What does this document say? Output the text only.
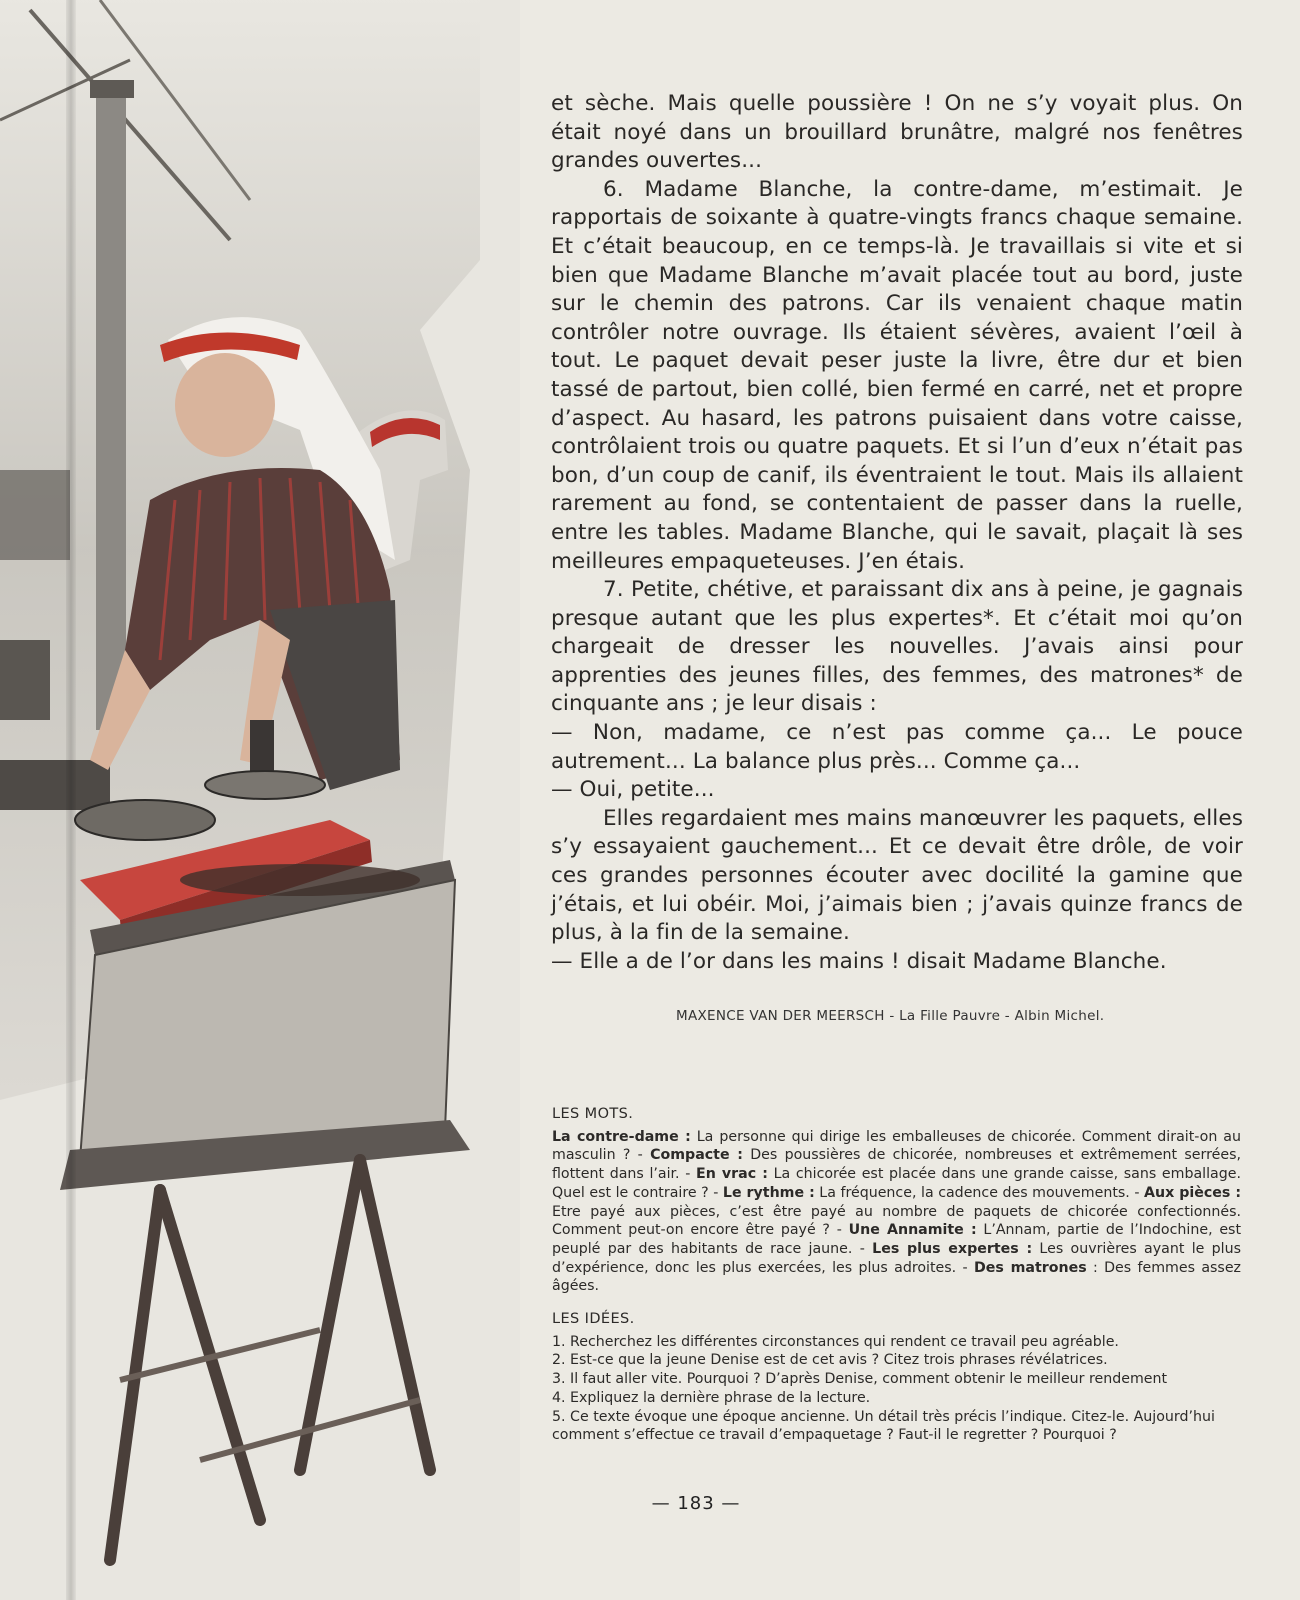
et sèche. Mais quelle poussière ! On ne s’y voyait plus. On était noyé dans un brouillard brunâtre, malgré nos fenêtres grandes ouvertes...

6. Madame Blanche, la contre-dame, m’estimait. Je rapportais de soixante à quatre-vingts francs chaque semaine. Et c’était beaucoup, en ce temps-là. Je travaillais si vite et si bien que Madame Blanche m’avait placée tout au bord, juste sur le chemin des patrons. Car ils venaient chaque matin contrôler notre ouvrage. Ils étaient sévères, avaient l’œil à tout. Le paquet devait peser juste la livre, être dur et bien tassé de partout, bien collé, bien fermé en carré, net et propre d’aspect. Au hasard, les patrons puisaient dans votre caisse, contrôlaient trois ou quatre paquets. Et si l’un d’eux n’était pas bon, d’un coup de canif, ils éventraient le tout. Mais ils allaient rarement au fond, se contentaient de passer dans la ruelle, entre les tables. Madame Blanche, qui le savait, plaçait là ses meilleures empaqueteuses. J’en étais.

7. Petite, chétive, et paraissant dix ans à peine, je gagnais presque autant que les plus expertes*. Et c’était moi qu’on chargeait de dresser les nouvelles. J’avais ainsi pour apprenties des jeunes filles, des femmes, des matrones* de cinquante ans ; je leur disais :

— Non, madame, ce n’est pas comme ça... Le pouce autrement... La balance plus près... Comme ça...

— Oui, petite...

Elles regardaient mes mains manœuvrer les paquets, elles s’y essayaient gauchement... Et ce devait être drôle, de voir ces grandes personnes écouter avec docilité la gamine que j’étais, et lui obéir. Moi, j’aimais bien ; j’avais quinze francs de plus, à la fin de la semaine.

— Elle a de l’or dans les mains ! disait Madame Blanche.

MAXENCE VAN DER MEERSCH - La Fille Pauvre - Albin Michel.
LES MOTS.

La contre-dame : La personne qui dirige les emballeuses de chicorée. Comment dirait-on au masculin ? - Compacte : Des poussières de chicorée, nombreuses et extrêmement serrées, flottent dans l’air. - En vrac : La chicorée est placée dans une grande caisse, sans emballage. Quel est le contraire ? - Le rythme : La fréquence, la cadence des mouvements. - Aux pièces : Etre payé aux pièces, c’est être payé au nombre de paquets de chicorée confectionnés. Comment peut-on encore être payé ? - Une Annamite : L’Annam, partie de l’Indochine, est peuplé par des habitants de race jaune. - Les plus expertes : Les ouvrières ayant le plus d’expérience, donc les plus exercées, les plus adroites. - Des matrones : Des femmes assez âgées.

LES IDÉES.
1. Recherchez les différentes circonstances qui rendent ce travail peu agréable.
2. Est-ce que la jeune Denise est de cet avis ? Citez trois phrases révélatrices.
3. Il faut aller vite. Pourquoi ? D’après Denise, comment obtenir le meilleur rendement
4. Expliquez la dernière phrase de la lecture.
5. Ce texte évoque une époque ancienne. Un détail très précis l’indique. Citez-le. Aujourd’hui comment s’effectue ce travail d’empaquetage ? Faut-il le regretter ? Pourquoi ?
— 183 —
